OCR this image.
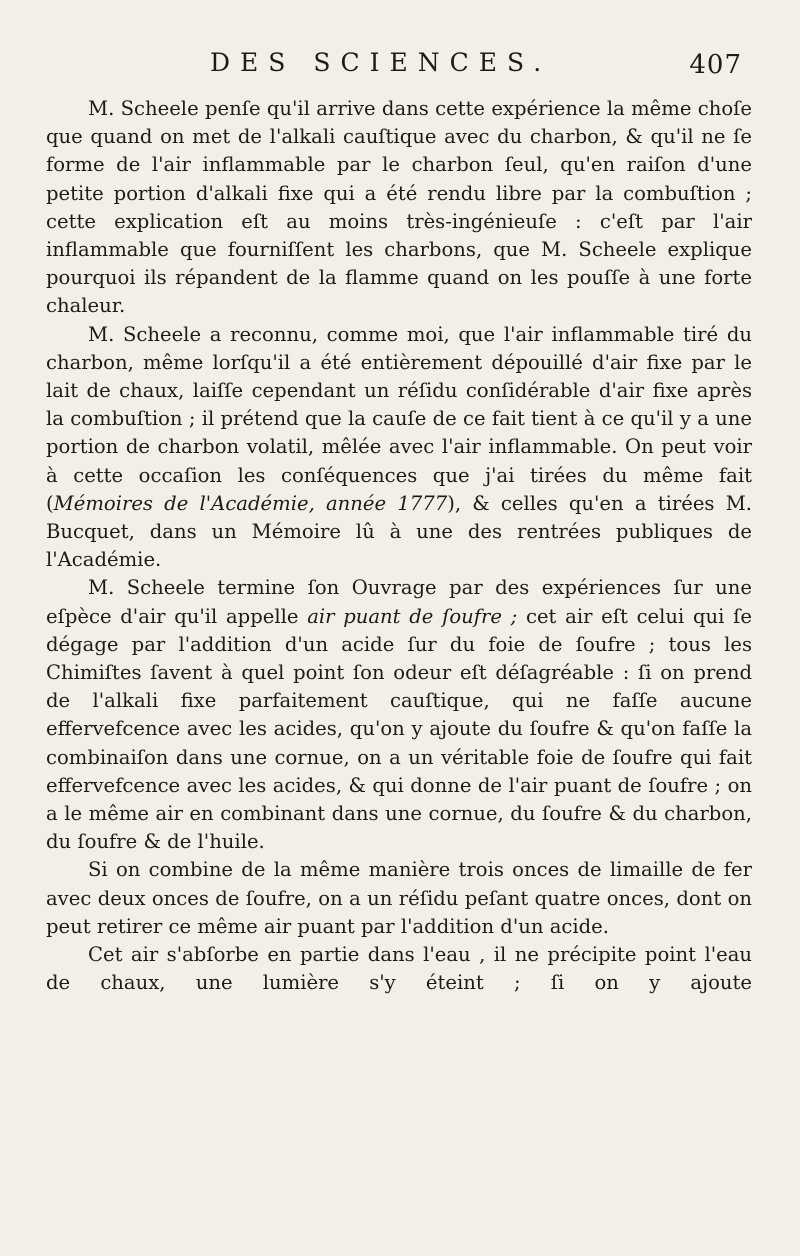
DES SCIENCES.	407

M. Scheele penſe qu'il arrive dans cette expérience la même choſe que quand on met de l'alkali cauſtique avec du charbon, & qu'il ne ſe forme de l'air inflammable par le charbon ſeul, qu'en raiſon d'une petite portion d'alkali fixe qui a été rendu libre par la combuſtion ; cette explication eſt au moins très-ingénieuſe : c'eſt par l'air inflammable que fourniſſent les charbons, que M. Scheele explique pourquoi ils répandent de la flamme quand on les pouſſe à une forte chaleur.

M. Scheele a reconnu, comme moi, que l'air inflammable tiré du charbon, même lorſqu'il a été entièrement dépouillé d'air fixe par le lait de chaux, laiſſe cependant un réſidu conſidérable d'air fixe après la combuſtion ; il prétend que la cauſe de ce fait tient à ce qu'il y a une portion de charbon volatil, mêlée avec l'air inflammable. On peut voir à cette occaſion les conſéquences que j'ai tirées du même fait (Mémoires de l'Académie, année 1777), & celles qu'en a tirées M. Bucquet, dans un Mémoire lû à une des rentrées publiques de l'Académie.

M. Scheele termine ſon Ouvrage par des expériences ſur une eſpèce d'air qu'il appelle air puant de ſoufre ; cet air eſt celui qui ſe dégage par l'addition d'un acide ſur du foie de ſoufre ; tous les Chimiſtes ſavent à quel point ſon odeur eſt déſagréable : ſi on prend de l'alkali fixe parfaitement cauſtique, qui ne faſſe aucune effervefcence avec les acides, qu'on y ajoute du ſoufre & qu'on faſſe la combinaiſon dans une cornue, on a un véritable foie de ſoufre qui fait effervefcence avec les acides, & qui donne de l'air puant de ſoufre ; on a le même air en combinant dans une cornue, du ſoufre & du charbon, du ſoufre & de l'huile.

Si on combine de la même manière trois onces de limaille de fer avec deux onces de ſoufre, on a un réſidu peſant quatre onces, dont on peut retirer ce même air puant par l'addition d'un acide.

Cet air s'abſorbe en partie dans l'eau , il ne précipite point l'eau de chaux, une lumière s'y éteint ; ſi on y ajoute
